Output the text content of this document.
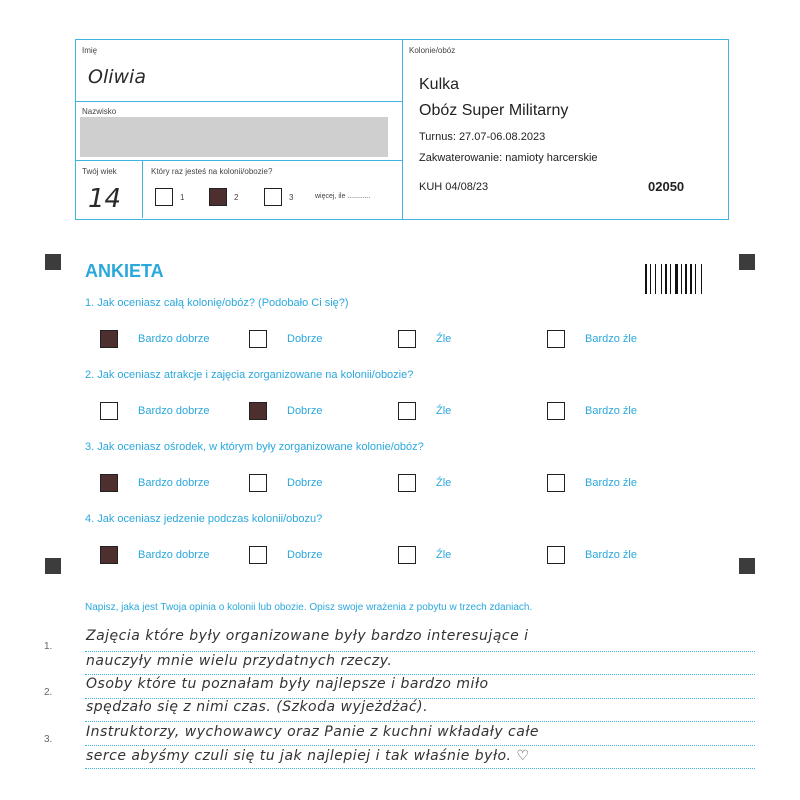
Imię
Oliwia
Nazwisko
Twój wiek
14
Który raz jesteś na kolonii/obozie?
1	2	3	więcej, ile ............
Kolonie/obóz
Kulka
Obóz Super Militarny
Turnus: 27.07-06.08.2023
Zakwaterowanie: namioty harcerskie
KUH 04/08/23	02050
ANKIETA
1. Jak oceniasz całą kolonię/obóz? (Podobało Ci się?)
Bardzo dobrze	Dobrze	Źle	Bardzo źle
2. Jak oceniasz atrakcje i zajęcia zorganizowane na kolonii/obozie?
Bardzo dobrze	Dobrze	Źle	Bardzo źle
3. Jak oceniasz ośrodek, w którym były zorganizowane kolonie/obóz?
Bardzo dobrze	Dobrze	Źle	Bardzo źle
4. Jak oceniasz jedzenie podczas kolonii/obozu?
Bardzo dobrze	Dobrze	Źle	Bardzo źle
Napisz, jaka jest Twoja opinia o kolonii lub obozie. Opisz swoje wrażenia z pobytu w trzech zdaniach.
1.
2.
3.
Zajęcia które były organizowane były bardzo interesujące i
nauczyły mnie wielu przydatnych rzeczy.
Osoby które tu poznałam były najlepsze i bardzo miło
spędzało się z nimi czas. (Szkoda wyjeżdżać).
Instruktorzy, wychowawcy oraz Panie z kuchni wkładały całe
serce abyśmy czuli się tu jak najlepiej i tak właśnie było. ♡
